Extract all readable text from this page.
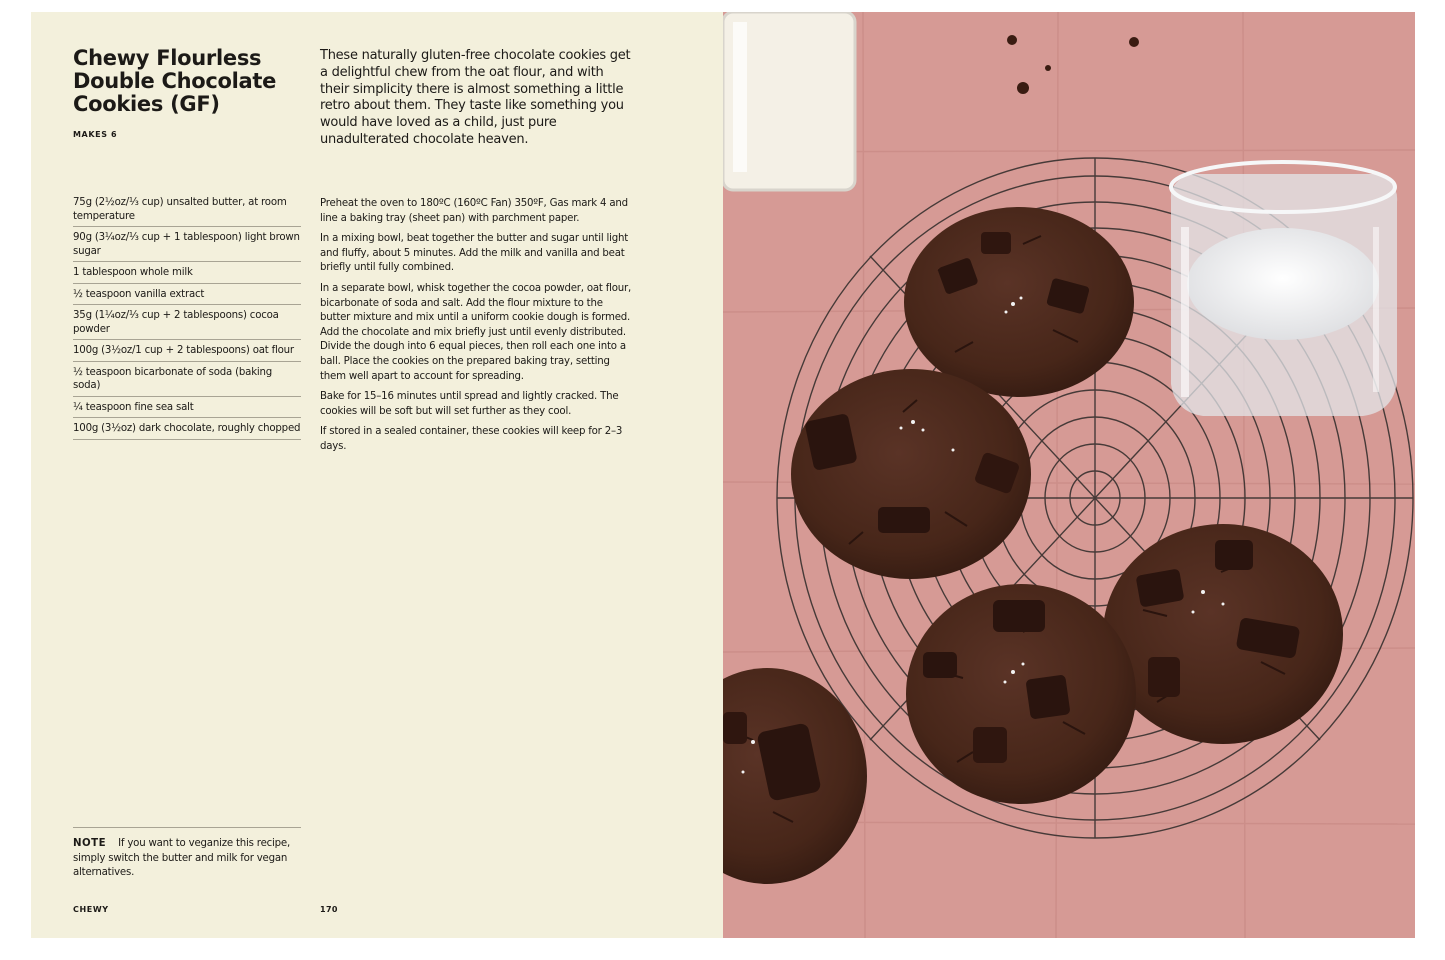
Chewy Flourless Double Chocolate Cookies (GF)
MAKES 6

These naturally gluten-free chocolate cookies get a delightful chew from the oat flour, and with their simplicity there is almost something a little retro about them. They taste like something you would have loved as a child, just pure unadulterated chocolate heaven.

75g (2½oz/⅓ cup) unsalted butter, at room temperature
90g (3¼oz/⅓ cup + 1 tablespoon) light brown sugar
1 tablespoon whole milk
½ teaspoon vanilla extract
35g (1¼oz/⅓ cup + 2 tablespoons) cocoa powder
100g (3½oz/1 cup + 2 tablespoons) oat flour
½ teaspoon bicarbonate of soda (baking soda)
¼ teaspoon fine sea salt
100g (3½oz) dark chocolate, roughly chopped

Preheat the oven to 180ºC (160ºC Fan) 350ºF, Gas mark 4 and line a baking tray (sheet pan) with parchment paper.

In a mixing bowl, beat together the butter and sugar until light and fluffy, about 5 minutes. Add the milk and vanilla and beat briefly until fully combined.

In a separate bowl, whisk together the cocoa powder, oat flour, bicarbonate of soda and salt. Add the flour mixture to the butter mixture and mix until a uniform cookie dough is formed. Add the chocolate and mix briefly just until evenly distributed. Divide the dough into 6 equal pieces, then roll each one into a ball. Place the cookies on the prepared baking tray, setting them well apart to account for spreading.

Bake for 15–16 minutes until spread and lightly cracked. The cookies will be soft but will set further as they cool.

If stored in a sealed container, these cookies will keep for 2–3 days.

NOTE If you want to veganize this recipe, simply switch the butter and milk for vegan alternatives.
CHEWY	170
